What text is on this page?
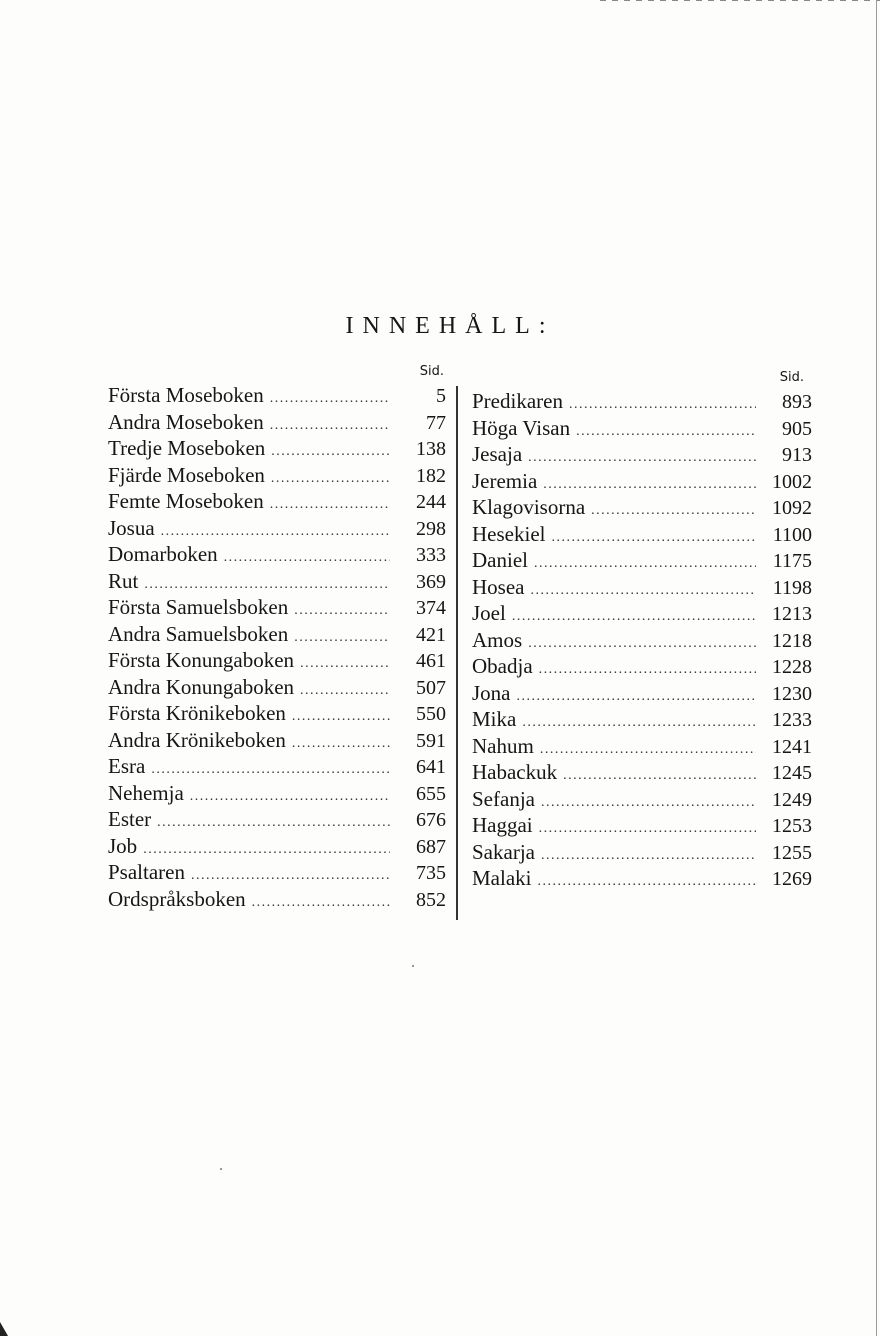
INNEHÅLL:
Sid.
Första Moseboken . . .	5
Andra Moseboken . . .	77
Tredje Moseboken . . .	138
Fjärde Moseboken . . .	182
Femte Moseboken . . .	244
Josua . . .	298
Domarboken . . .	333
Rut . . .	369
Första Samuelsboken . . .	374
Andra Samuelsboken . . .	421
Första Konungaboken . . .	461
Andra Konungaboken . . .	507
Första Krönikeboken . . .	550
Andra Krönikeboken . . .	591
Esra . . .	641
Nehemja . . .	655
Ester . . .	676
Job . . .	687
Psaltaren . . .	735
Ordspråksboken . . .	852
Sid.
Predikaren . . .	893
Höga Visan . . .	905
Jesaja . . .	913
Jeremia . . .	1002
Klagovisorna . . .	1092
Hesekiel . . .	1100
Daniel . . .	1175
Hosea . . .	1198
Joel . . .	1213
Amos . . .	1218
Obadja . . .	1228
Jona . . .	1230
Mika . . .	1233
Nahum . . .	1241
Habackuk . . .	1245
Sefanja . . .	1249
Haggai . . .	1253
Sakarja . . .	1255
Malaki . . .	1269
